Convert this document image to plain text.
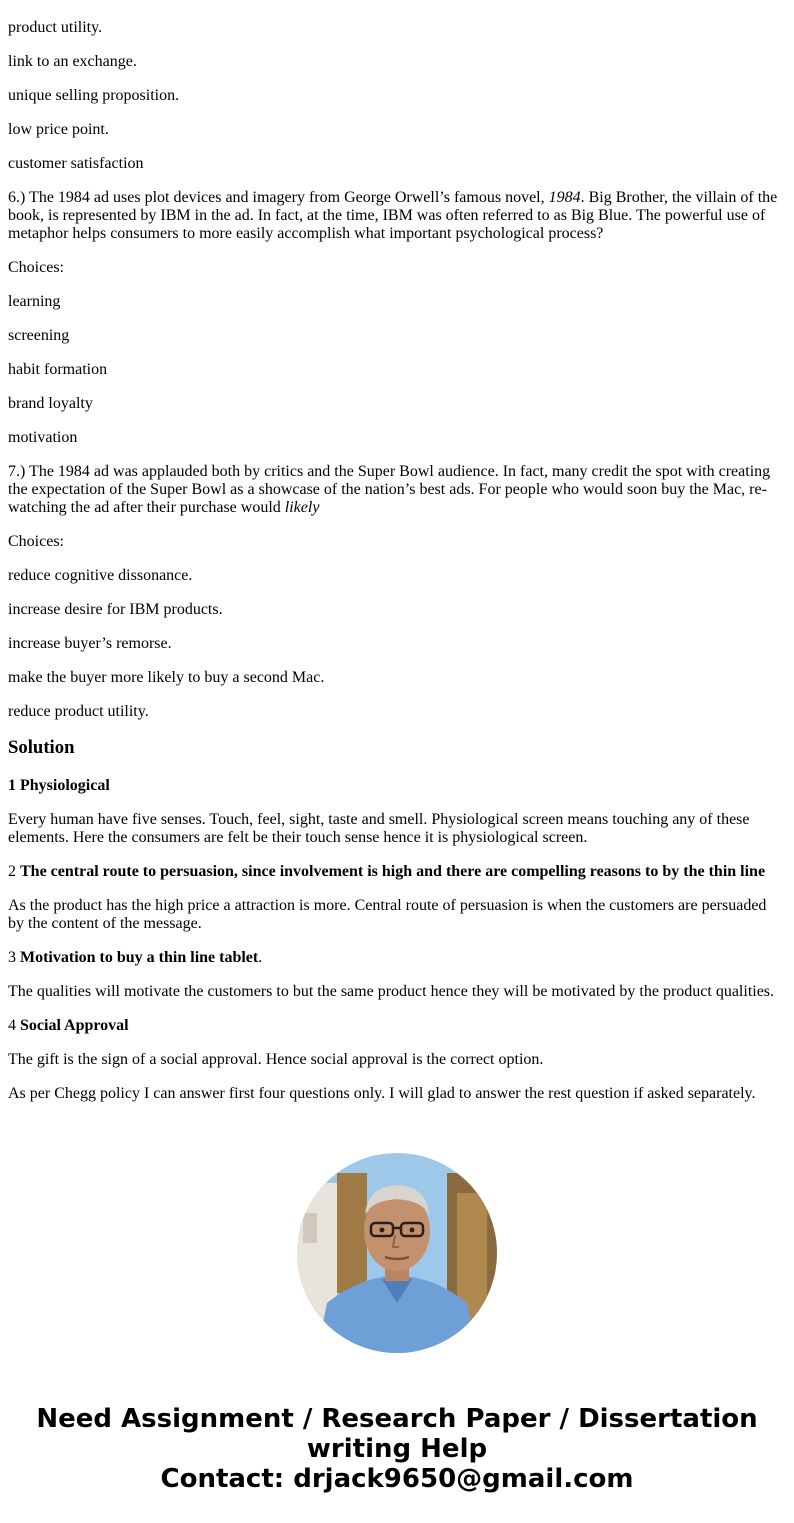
product utility.

link to an exchange.

unique selling proposition.

low price point.

customer satisfaction

6.) The 1984 ad uses plot devices and imagery from George Orwell’s famous novel, 1984. Big Brother, the villain of the book, is represented by IBM in the ad. In fact, at the time, IBM was often referred to as Big Blue. The powerful use of metaphor helps consumers to more easily accomplish what important psychological process?

Choices:

learning

screening

habit formation

brand loyalty

motivation

7.) The 1984 ad was applauded both by critics and the Super Bowl audience. In fact, many credit the spot with creating the expectation of the Super Bowl as a showcase of the nation’s best ads. For people who would soon buy the Mac, re-watching the ad after their purchase would likely

Choices:

reduce cognitive dissonance.

increase desire for IBM products.

increase buyer’s remorse.

make the buyer more likely to buy a second Mac.

reduce product utility.

Solution

1 Physiological

Every human have five senses. Touch, feel, sight, taste and smell. Physiological screen means touching any of these elements. Here the consumers are felt be their touch sense hence it is physiological screen.

2 The central route to persuasion, since involvement is high and there are compelling reasons to by the thin line

As the product has the high price a attraction is more. Central route of persuasion is when the customers are persuaded by the content of the message.

3 Motivation to buy a thin line tablet.

The qualities will motivate the customers to but the same product hence they will be motivated by the product qualities.

4 Social Approval

The gift is the sign of a social approval. Hence social approval is the correct option.

As per Chegg policy I can answer first four questions only. I will glad to answer the rest question if asked separately.

Need Assignment / Research Paper / Dissertation
writing Help
Contact: drjack9650@gmail.com
